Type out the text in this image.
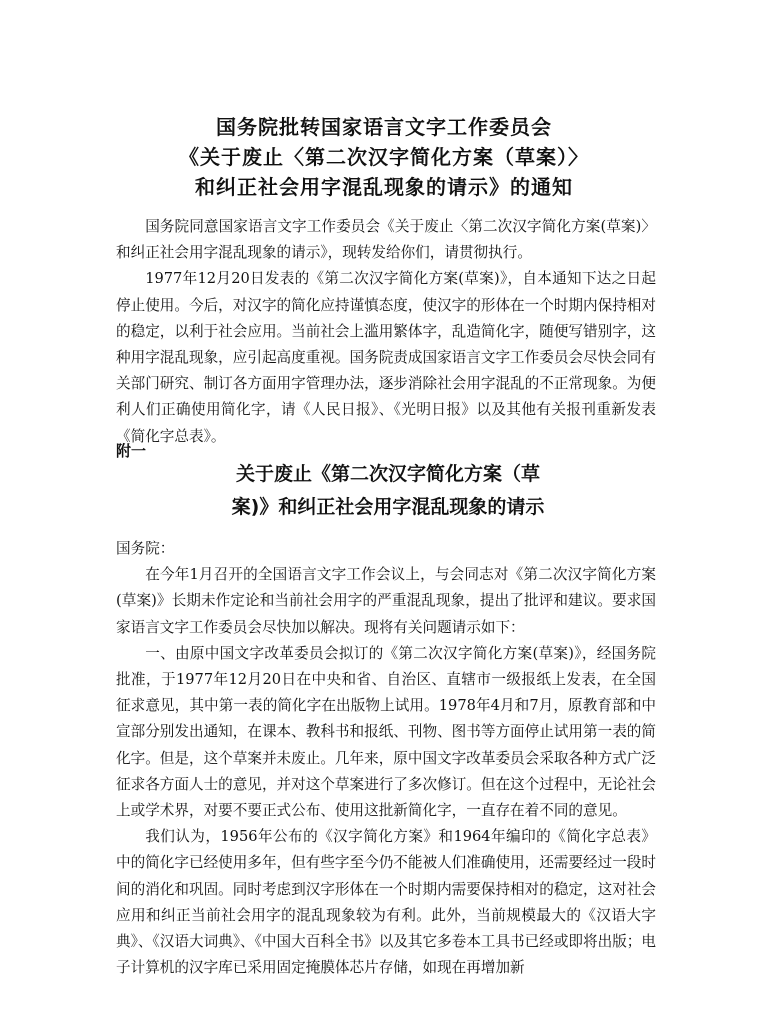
国务院批转国家语言文字工作委员会
《关于废止〈第二次汉字简化方案（草案）〉
和纠正社会用字混乱现象的请示》的通知

国务院同意国家语言文字工作委员会《关于废止〈第二次汉字简化方案(草案)〉和纠正社会用字混乱现象的请示》，现转发给你们，请贯彻执行。

1977年12月20日发表的《第二次汉字简化方案(草案)》，自本通知下达之日起停止使用。今后，对汉字的简化应持谨慎态度，使汉字的形体在一个时期内保持相对的稳定，以利于社会应用。当前社会上滥用繁体字，乱造简化字，随便写错别字，这种用字混乱现象，应引起高度重视。国务院责成国家语言文字工作委员会尽快会同有关部门研究、制订各方面用字管理办法，逐步消除社会用字混乱的不正常现象。为便利人们正确使用简化字，请《人民日报》、《光明日报》以及其他有关报刊重新发表《简化字总表》。

附一
关于废止《第二次汉字简化方案（草
案)》和纠正社会用字混乱现象的请示

国务院：

在今年1月召开的全国语言文字工作会议上，与会同志对《第二次汉字简化方案(草案)》长期未作定论和当前社会用字的严重混乱现象，提出了批评和建议。要求国家语言文字工作委员会尽快加以解决。现将有关问题请示如下：

一、由原中国文字改革委员会拟订的《第二次汉字简化方案(草案)》，经国务院批准，于1977年12月20日在中央和省、自治区、直辖市一级报纸上发表，在全国征求意见，其中第一表的简化字在出版物上试用。1978年4月和7月，原教育部和中宣部分别发出通知，在课本、教科书和报纸、刊物、图书等方面停止试用第一表的简化字。但是，这个草案并未废止。几年来，原中国文字改革委员会采取各种方式广泛征求各方面人士的意见，并对这个草案进行了多次修订。但在这个过程中，无论社会上或学术界，对要不要正式公布、使用这批新简化字，一直存在着不同的意见。

我们认为，1956年公布的《汉字简化方案》和1964年编印的《简化字总表》中的简化字已经使用多年，但有些字至今仍不能被人们准确使用，还需要经过一段时间的消化和巩固。同时考虑到汉字形体在一个时期内需要保持相对的稳定，这对社会应用和纠正当前社会用字的混乱现象较为有利。此外，当前规模最大的《汉语大字典》、《汉语大词典》、《中国大百科全书》以及其它多卷本工具书已经或即将出版；电子计算机的汉字库已采用固定掩膜体芯片存储，如现在再增加新
